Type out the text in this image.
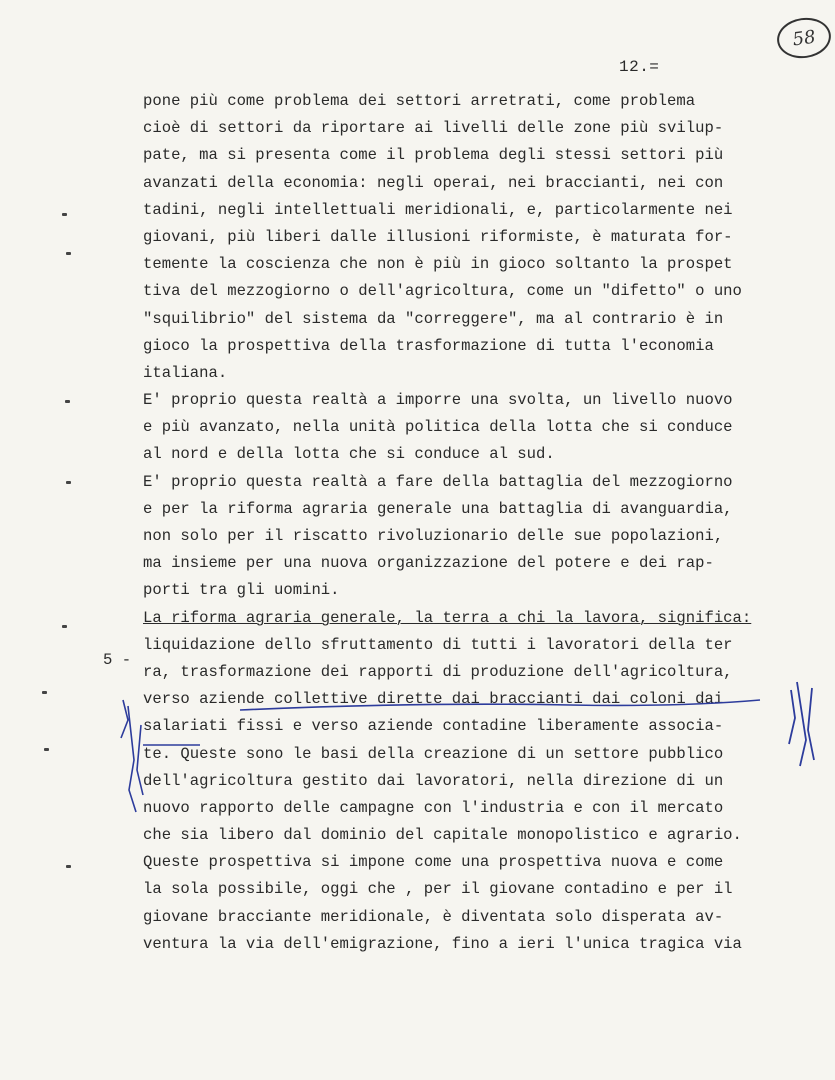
58
12.=
5 -
pone più come problema dei settori arretrati, come problema
cioè di settori da riportare ai livelli delle zone più svilup-
pate, ma si presenta come il problema degli stessi settori più
avanzati della economia: negli operai, nei braccianti, nei con
tadini, negli intellettuali meridionali, e, particolarmente nei
giovani, più liberi dalle illusioni riformiste, è maturata for-
temente la coscienza che non è più in gioco soltanto la prospet
tiva del mezzogiorno o dell'agricoltura, come un "difetto" o uno
"squilibrio" del sistema da "correggere", ma al contrario è in
gioco la prospettiva della trasformazione di tutta l'economia
italiana.
E' proprio questa realtà a imporre una svolta, un livello nuovo
e più avanzato, nella unità politica della lotta che si conduce
al nord e della lotta che si conduce al sud.
E' proprio questa realtà a fare della battaglia del mezzogiorno
e per la riforma agraria generale una battaglia di avanguardia,
non solo per il riscatto rivoluzionario delle sue popolazioni,
ma insieme per una nuova organizzazione del potere e dei rap-
porti tra gli uomini.
La riforma agraria generale, la terra a chi la lavora, significa:
liquidazione dello sfruttamento di tutti i lavoratori della ter
ra, trasformazione dei rapporti di produzione dell'agricoltura,
verso aziende collettive dirette dai braccianti dai coloni dai
salariati fissi e verso aziende contadine liberamente associa-
te. Queste sono le basi della creazione di un settore pubblico
dell'agricoltura gestito dai lavoratori, nella direzione di un
nuovo rapporto delle campagne con l'industria e con il mercato
che sia libero dal dominio del capitale monopolistico e agrario.
Queste prospettiva si impone come una prospettiva nuova e come
la sola possibile, oggi che , per il giovane contadino e per il
giovane bracciante meridionale, è diventata solo disperata av-
ventura la via dell'emigrazione, fino a ieri l'unica tragica via
